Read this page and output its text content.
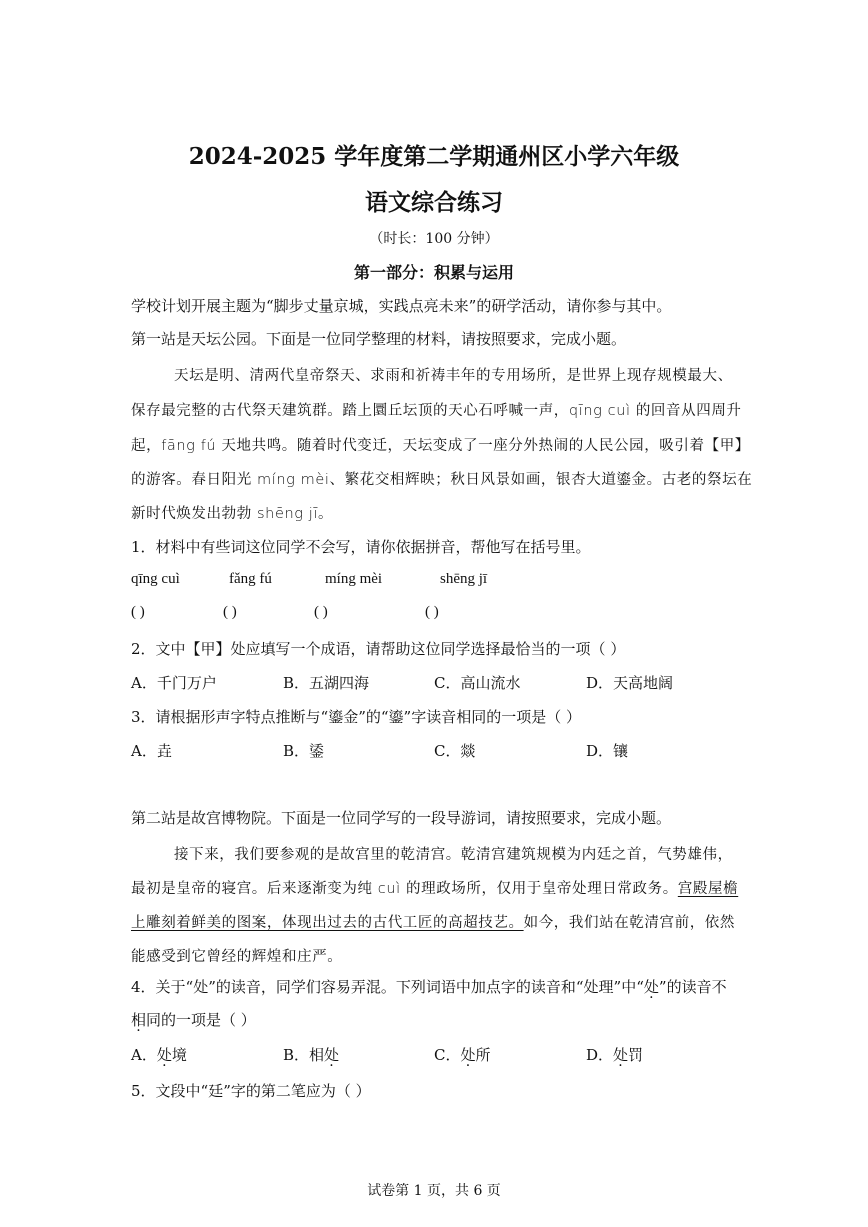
2024-2025 学年度第二学期通州区小学六年级
语文综合练习
（时长：100 分钟）
第一部分：积累与运用
学校计划开展主题为“脚步丈量京城，实践点亮未来”的研学活动，请你参与其中。
第一站是天坛公园。下面是一位同学整理的材料，请按照要求，完成小题。
天坛是明、清两代皇帝祭天、求雨和祈祷丰年的专用场所，是世界上现存规模最大、
保存最完整的古代祭天建筑群。踏上圜丘坛顶的天心石呼喊一声，qīng cuì 的回音从四周升
起，fāng fú 天地共鸣。随着时代变迁，天坛变成了一座分外热闹的人民公园，吸引着【甲】
的游客。春日阳光 míng mèi、繁花交相辉映；秋日风景如画，银杏大道鎏金。古老的祭坛在
新时代焕发出勃勃 shēng jī。
1．材料中有些词这位同学不会写，请你依据拼音，帮他写在括号里。
qīng cuì	fǎng fú	míng mèi	shēng jī
( )	( )	( )	( )
2．文中【甲】处应填写一个成语，请帮助这位同学选择最恰当的一项（ ）
A．千门万户	B．五湖四海	C．高山流水	D．天高地阔
3．请根据形声字特点推断与“鎏金”的“鎏”字读音相同的一项是（ ）
A．垚	B．鋈	C．燚	D．镶
第二站是故宫博物院。下面是一位同学写的一段导游词，请按照要求，完成小题。
接下来，我们要参观的是故宫里的乾清宫。乾清宫建筑规模为内廷之首，气势雄伟，
最初是皇帝的寝宫。后来逐渐变为纯 cuì 的理政场所，仅用于皇帝处理日常政务。宫殿屋檐
上雕刻着鲜美的图案，体现出过去的古代工匠的高超技艺。如今，我们站在乾清宫前，依然
能感受到它曾经的辉煌和庄严。
4．关于“处”的读音，同学们容易弄混。下列词语中加点字的读音和“处理”中“处”的读音不
相同的一项是（ ）
A．处境	B．相处	C．处所	D．处罚
5．文段中“廷”字的第二笔应为（ ）
试卷第 1 页，共 6 页
